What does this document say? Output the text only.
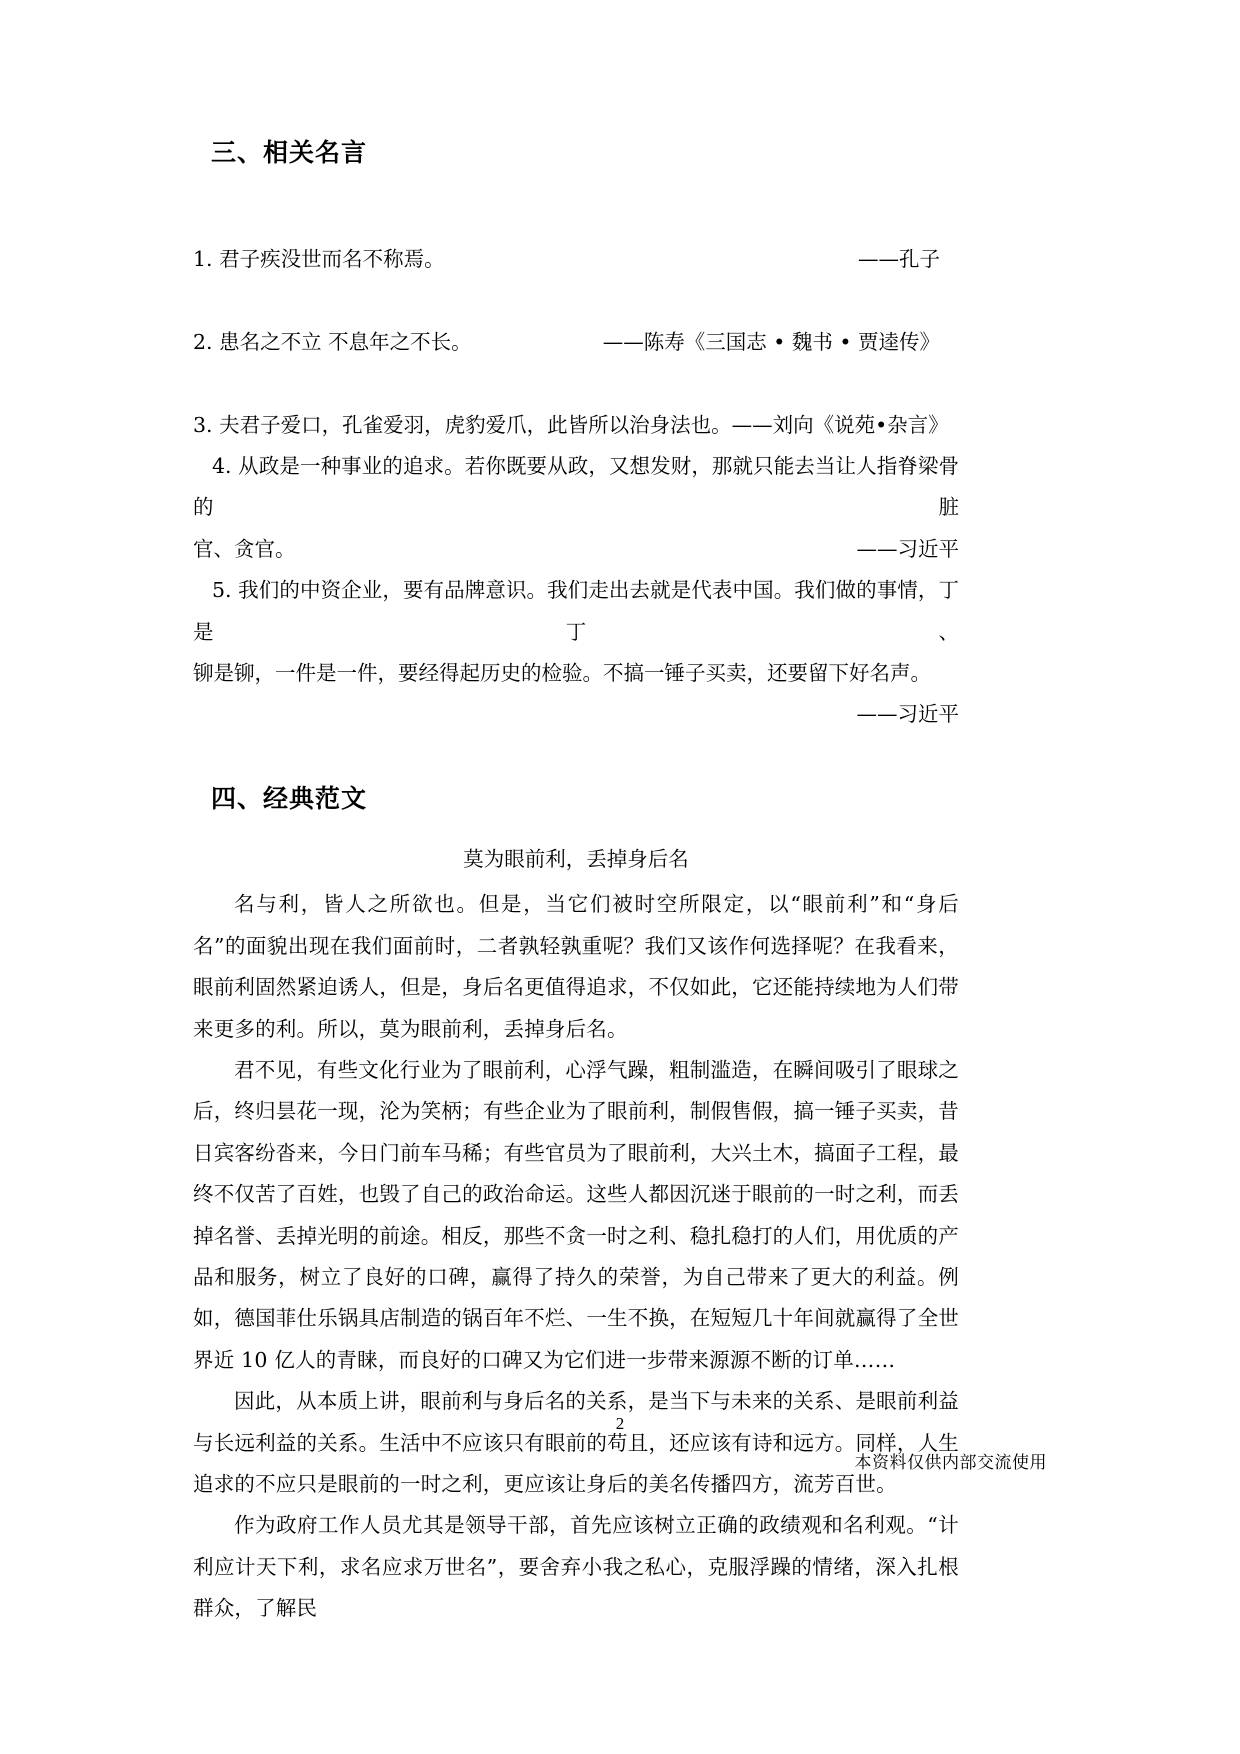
三、相关名言

1. 君子疾没世而名不称焉。	——孔子

2. 患名之不立 不息年之不长。	——陈寿《三国志 • 魏书 • 贾逵传》

3. 夫君子爱口，孔雀爱羽，虎豹爱爪，此皆所以治身法也。 ——刘向《说苑•杂言》
4. 从政是一种事业的追求。若你既要从政，又想发财，那就只能去当让人指脊梁骨的脏
官、贪官。	——习近平
5. 我们的中资企业，要有品牌意识。我们走出去就是代表中国。我们做的事情，丁是丁、
铆是铆，一件是一件，要经得起历史的检验。不搞一锤子买卖，还要留下好名声。
——习近平
四、经典范文
莫为眼前利，丢掉身后名

名与利，皆人之所欲也。但是，当它们被时空所限定，以“眼前利”和“身后名”的面貌出现在我们面前时，二者孰轻孰重呢？我们又该作何选择呢？在我看来，眼前利固然紧迫诱人，但是，身后名更值得追求，不仅如此，它还能持续地为人们带来更多的利。所以，莫为眼前利，丢掉身后名。

君不见，有些文化行业为了眼前利，心浮气躁，粗制滥造，在瞬间吸引了眼球之后，终归昙花一现，沦为笑柄；有些企业为了眼前利，制假售假，搞一锤子买卖，昔日宾客纷沓来，今日门前车马稀；有些官员为了眼前利，大兴土木，搞面子工程，最终不仅苦了百姓，也毁了自己的政治命运。这些人都因沉迷于眼前的一时之利，而丢掉名誉、丢掉光明的前途。相反，那些不贪一时之利、稳扎稳打的人们，用优质的产品和服务，树立了良好的口碑，赢得了持久的荣誉，为自己带来了更大的利益。例如，德国菲仕乐锅具店制造的锅百年不烂、一生不换，在短短几十年间就赢得了全世界近 10 亿人的青睐，而良好的口碑又为它们进一步带来源源不断的订单……

因此，从本质上讲，眼前利与身后名的关系，是当下与未来的关系、是眼前利益与长远利益的关系。生活中不应该只有眼前的苟且，还应该有诗和远方。同样，人生追求的不应只是眼前的一时之利，更应该让身后的美名传播四方，流芳百世。

作为政府工作人员尤其是领导干部，首先应该树立正确的政绩观和名利观。“计利应计天下利，求名应求万世名”，要舍弃小我之私心，克服浮躁的情绪，深入扎根群众，了解民

2
本资料仅供内部交流使用
